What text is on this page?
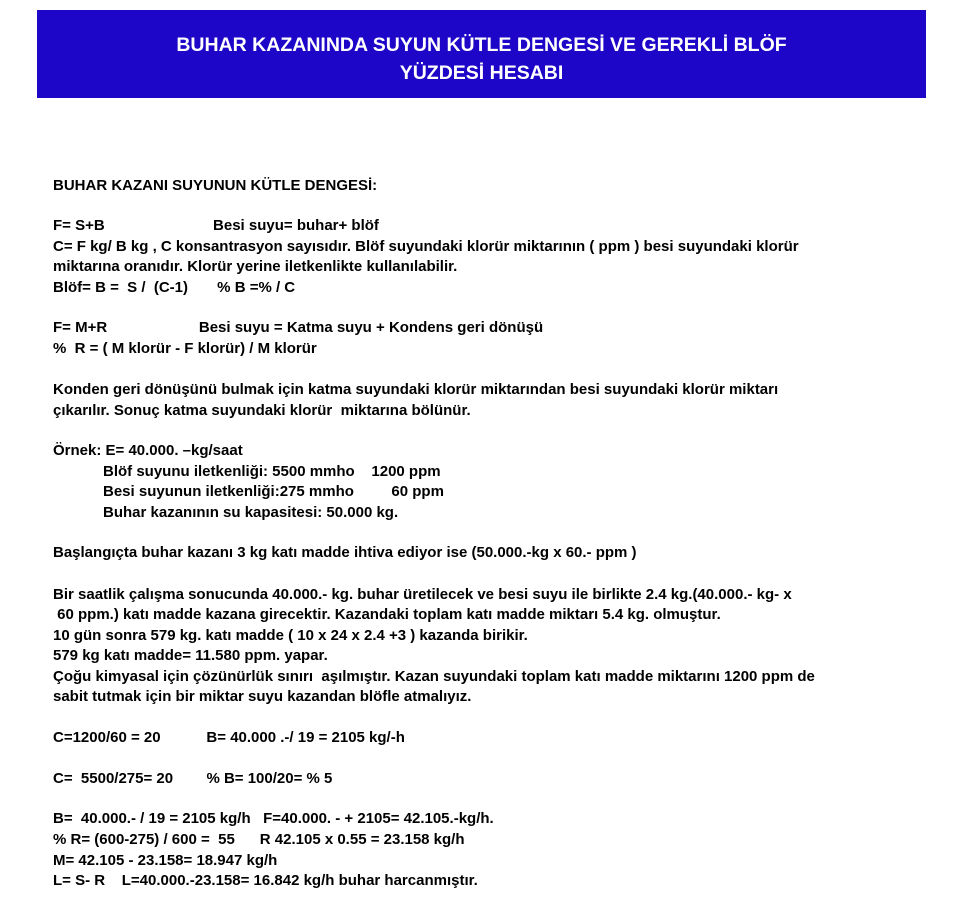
BUHAR KAZANINDA SUYUN KÜTLE DENGESİ VE GEREKLİ BLÖF
YÜZDESİ HESABI
BUHAR KAZANI SUYUNUN KÜTLE DENGESİ:
F= S+B                          Besi suyu= buhar+ blöf
C= F kg/ B kg , C konsantrasyon sayısıdır. Blöf suyundaki klorür miktarının ( ppm ) besi suyundaki klorür
miktarına oranıdır. Klorür yerine iletkenlikte kullanılabilir.
Blöf= B =  S /  (C-1)       % B =% / C
F= M+R                      Besi suyu = Katma suyu + Kondens geri dönüşü
%  R = ( M klorür - F klorür) / M klorür
Konden geri dönüşünü bulmak için katma suyundaki klorür miktarından besi suyundaki klorür miktarı
çıkarılır. Sonuç katma suyundaki klorür  miktarına bölünür.
Örnek: E= 40.000. –kg/saat
Blöf suyunu iletkenliği: 5500 mmho    1200 ppm
Besi suyunun iletkenliği:275 mmho         60 ppm
Buhar kazanının su kapasitesi: 50.000 kg.
Başlangıçta buhar kazanı 3 kg katı madde ihtiva ediyor ise (50.000.-kg x 60.- ppm )
Bir saatlik çalışma sonucunda 40.000.- kg. buhar üretilecek ve besi suyu ile birlikte 2.4 kg.(40.000.- kg- x
60 ppm.) katı madde kazana girecektir. Kazandaki toplam katı madde miktarı 5.4 kg. olmuştur.
10 gün sonra 579 kg. katı madde ( 10 x 24 x 2.4 +3 ) kazanda birikir.
579 kg katı madde= 11.580 ppm. yapar.
Çoğu kimyasal için çözünürlük sınırı  aşılmıştır. Kazan suyundaki toplam katı madde miktarını 1200 ppm de
sabit tutmak için bir miktar suyu kazandan blöfle atmalıyız.
C=1200/60 = 20           B= 40.000 .-/ 19 = 2105 kg/-h
C=  5500/275= 20        % B= 100/20= % 5
B=  40.000.- / 19 = 2105 kg/h   F=40.000. - + 2105= 42.105.-kg/h.
% R= (600-275) / 600 =  55      R 42.105 x 0.55 = 23.158 kg/h
M= 42.105 - 23.158= 18.947 kg/h
L= S- R    L=40.000.-23.158= 16.842 kg/h buhar harcanmıştır.
